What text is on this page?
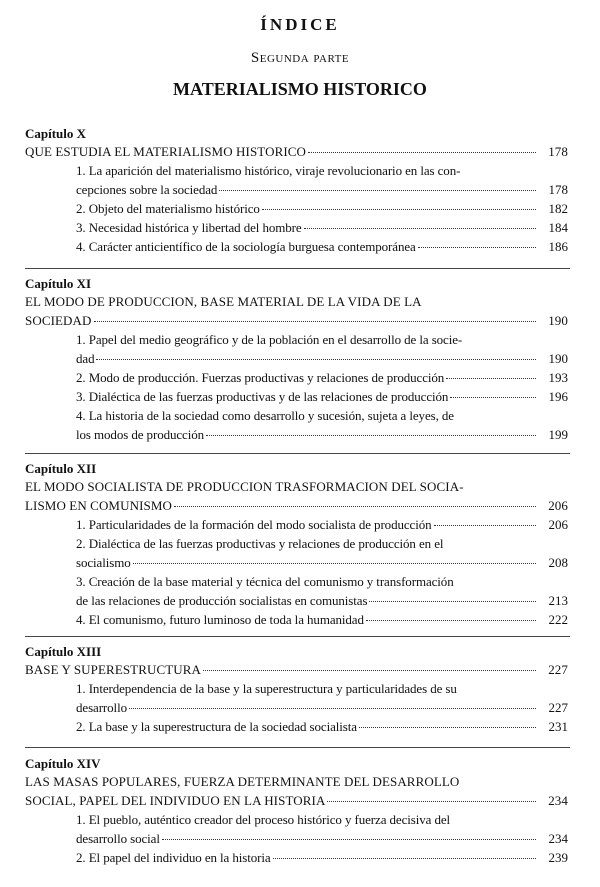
ÍNDICE
Segunda parte
MATERIALISMO HISTORICO
Capítulo X
QUE ESTUDIA EL MATERIALISMO HISTORICO	178
1. La aparición del materialismo histórico, viraje revolucionario en las con-
cepciones sobre la sociedad	178
2. Objeto del materialismo histórico	182
3. Necesidad histórica y libertad del hombre	184
4. Carácter anticientífico de la sociología burguesa contemporánea	186
Capítulo XI
EL MODO DE PRODUCCION, BASE MATERIAL DE LA VIDA DE LA
SOCIEDAD	190
1. Papel del medio geográfico y de la población en el desarrollo de la socie-
dad	190
2. Modo de producción. Fuerzas productivas y relaciones de producción	193
3. Dialéctica de las fuerzas productivas y de las relaciones de producción	196
4. La historia de la sociedad como desarrollo y sucesión, sujeta a leyes, de
los modos de producción	199
Capítulo XII
EL MODO SOCIALISTA DE PRODUCCION TRASFORMACION DEL SOCIA-
LISMO EN COMUNISMO	206
1. Particularidades de la formación del modo socialista de producción	206
2. Dialéctica de las fuerzas productivas y relaciones de producción en el
socialismo	208
3. Creación de la base material y técnica del comunismo y transformación
de las relaciones de producción socialistas en comunistas	213
4. El comunismo, futuro luminoso de toda la humanidad	222
Capítulo XIII
BASE Y SUPERESTRUCTURA	227
1. Interdependencia de la base y la superestructura y particularidades de su
desarrollo	227
2. La base y la superestructura de la sociedad socialista	231
Capítulo XIV
LAS MASAS POPULARES, FUERZA DETERMINANTE DEL DESARROLLO
SOCIAL, PAPEL DEL INDIVIDUO EN LA HISTORIA	234
1. El pueblo, auténtico creador del proceso histórico y fuerza decisiva del
desarrollo social	234
2. El papel del individuo en la historia	239
